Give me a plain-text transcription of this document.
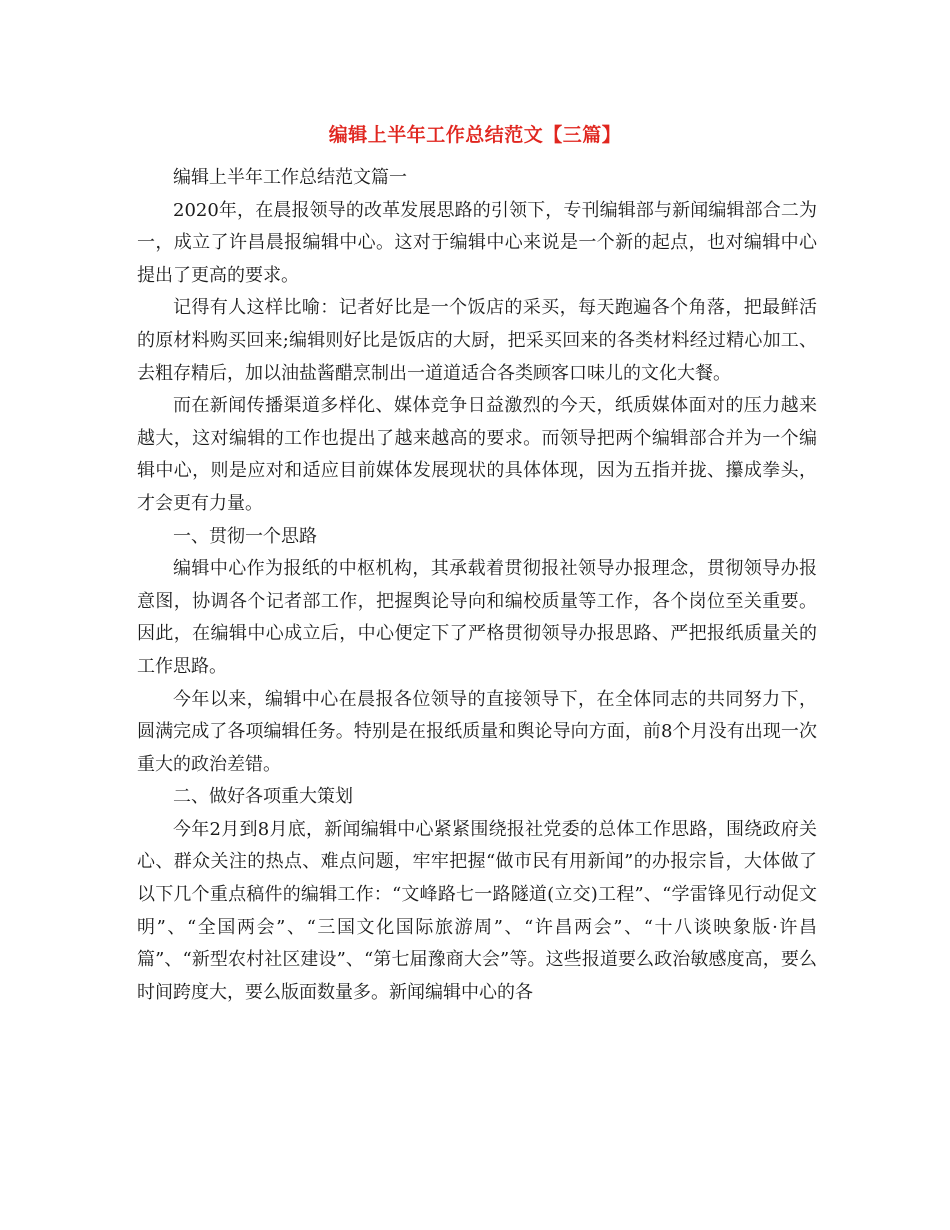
编辑上半年工作总结范文【三篇】

编辑上半年工作总结范文篇一

2020年，在晨报领导的改革发展思路的引领下，专刊编辑部与新闻编辑部合二为一，成立了许昌晨报编辑中心。这对于编辑中心来说是一个新的起点，也对编辑中心提出了更高的要求。

记得有人这样比喻：记者好比是一个饭店的采买，每天跑遍各个角落，把最鲜活的原材料购买回来;编辑则好比是饭店的大厨，把采买回来的各类材料经过精心加工、去粗存精后，加以油盐酱醋烹制出一道道适合各类顾客口味儿的文化大餐。

而在新闻传播渠道多样化、媒体竞争日益激烈的今天，纸质媒体面对的压力越来越大，这对编辑的工作也提出了越来越高的要求。而领导把两个编辑部合并为一个编辑中心，则是应对和适应目前媒体发展现状的具体体现，因为五指并拢、攥成拳头，才会更有力量。

一、贯彻一个思路

编辑中心作为报纸的中枢机构，其承载着贯彻报社领导办报理念，贯彻领导办报意图，协调各个记者部工作，把握舆论导向和编校质量等工作，各个岗位至关重要。因此，在编辑中心成立后，中心便定下了严格贯彻领导办报思路、严把报纸质量关的工作思路。

今年以来，编辑中心在晨报各位领导的直接领导下，在全体同志的共同努力下，圆满完成了各项编辑任务。特别是在报纸质量和舆论导向方面，前8个月没有出现一次重大的政治差错。

二、做好各项重大策划

今年2月到8月底，新闻编辑中心紧紧围绕报社党委的总体工作思路，围绕政府关心、群众关注的热点、难点问题，牢牢把握“做市民有用新闻”的办报宗旨，大体做了以下几个重点稿件的编辑工作：“文峰路七一路隧道(立交)工程”、“学雷锋见行动促文明”、“全国两会”、“三国文化国际旅游周”、“许昌两会”、“十八谈映象版·许昌篇”、“新型农村社区建设”、“第七届豫商大会”等。这些报道要么政治敏感度高，要么时间跨度大，要么版面数量多。新闻编辑中心的各
